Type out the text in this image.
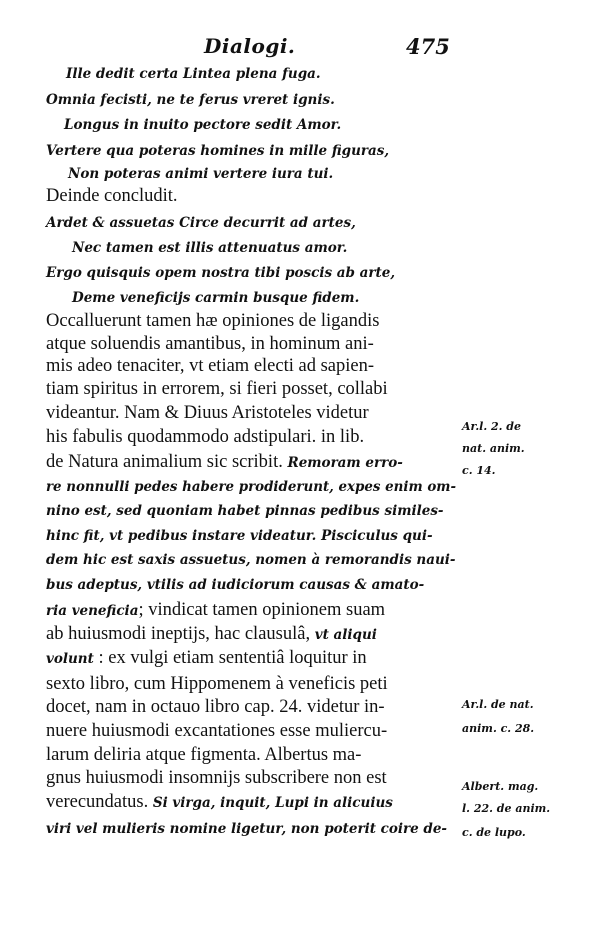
Dialogi.	475
Ille dedit certa Lintea plena fuga.
Omnia fecisti, ne te ferus vreret ignis.
Longus in inuito pectore sedit Amor.
Vertere qua poteras homines in mille figuras,
Non poteras animi vertere iura tui.
Deinde concludit.
Ardet & assuetas Circe decurrit ad artes,
Nec tamen est illis attenuatus amor.
Ergo quisquis opem nostra tibi poscis ab arte,
Deme veneficijs carmin busque fidem.
Occalluerunt tamen hæ opiniones de ligandis
atque soluendis amantibus, in hominum ani-
mis adeo tenaciter, vt etiam electi ad sapien-
tiam spiritus in errorem, si fieri posset, collabi
videantur. Nam & Diuus Aristoteles videtur
his fabulis quodammodo adstipulari. in lib.
de Natura animalium sic scribit. Remoram erro-
re nonnulli pedes habere prodiderunt, expes enim om-
nino est, sed quoniam habet pinnas pedibus similes-
hinc fit, vt pedibus instare videatur. Pisciculus qui-
dem hic est saxis assuetus, nomen à remorandis naui-
bus adeptus, vtilis ad iudiciorum causas & amato-
ria veneficia; vindicat tamen opinionem suam
ab huiusmodi ineptijs, hac clausulâ, vt aliqui
volunt : ex vulgi etiam sententiâ loquitur in
sexto libro, cum Hippomenem à veneficis peti
docet, nam in octauo libro cap. 24. videtur in-
nuere huiusmodi excantationes esse muliercu-
larum deliria atque figmenta. Albertus ma-
gnus huiusmodi insomnijs subscribere non est
verecundatus. Si virga, inquit, Lupi in alicuius
viri vel mulieris nomine ligetur, non poterit coire de-
Ar.l. 2. de
nat. anim.
c. 14.
Ar.l. de nat.
anim. c. 28.
Albert. mag.
l. 22. de anim.
c. de lupo.
